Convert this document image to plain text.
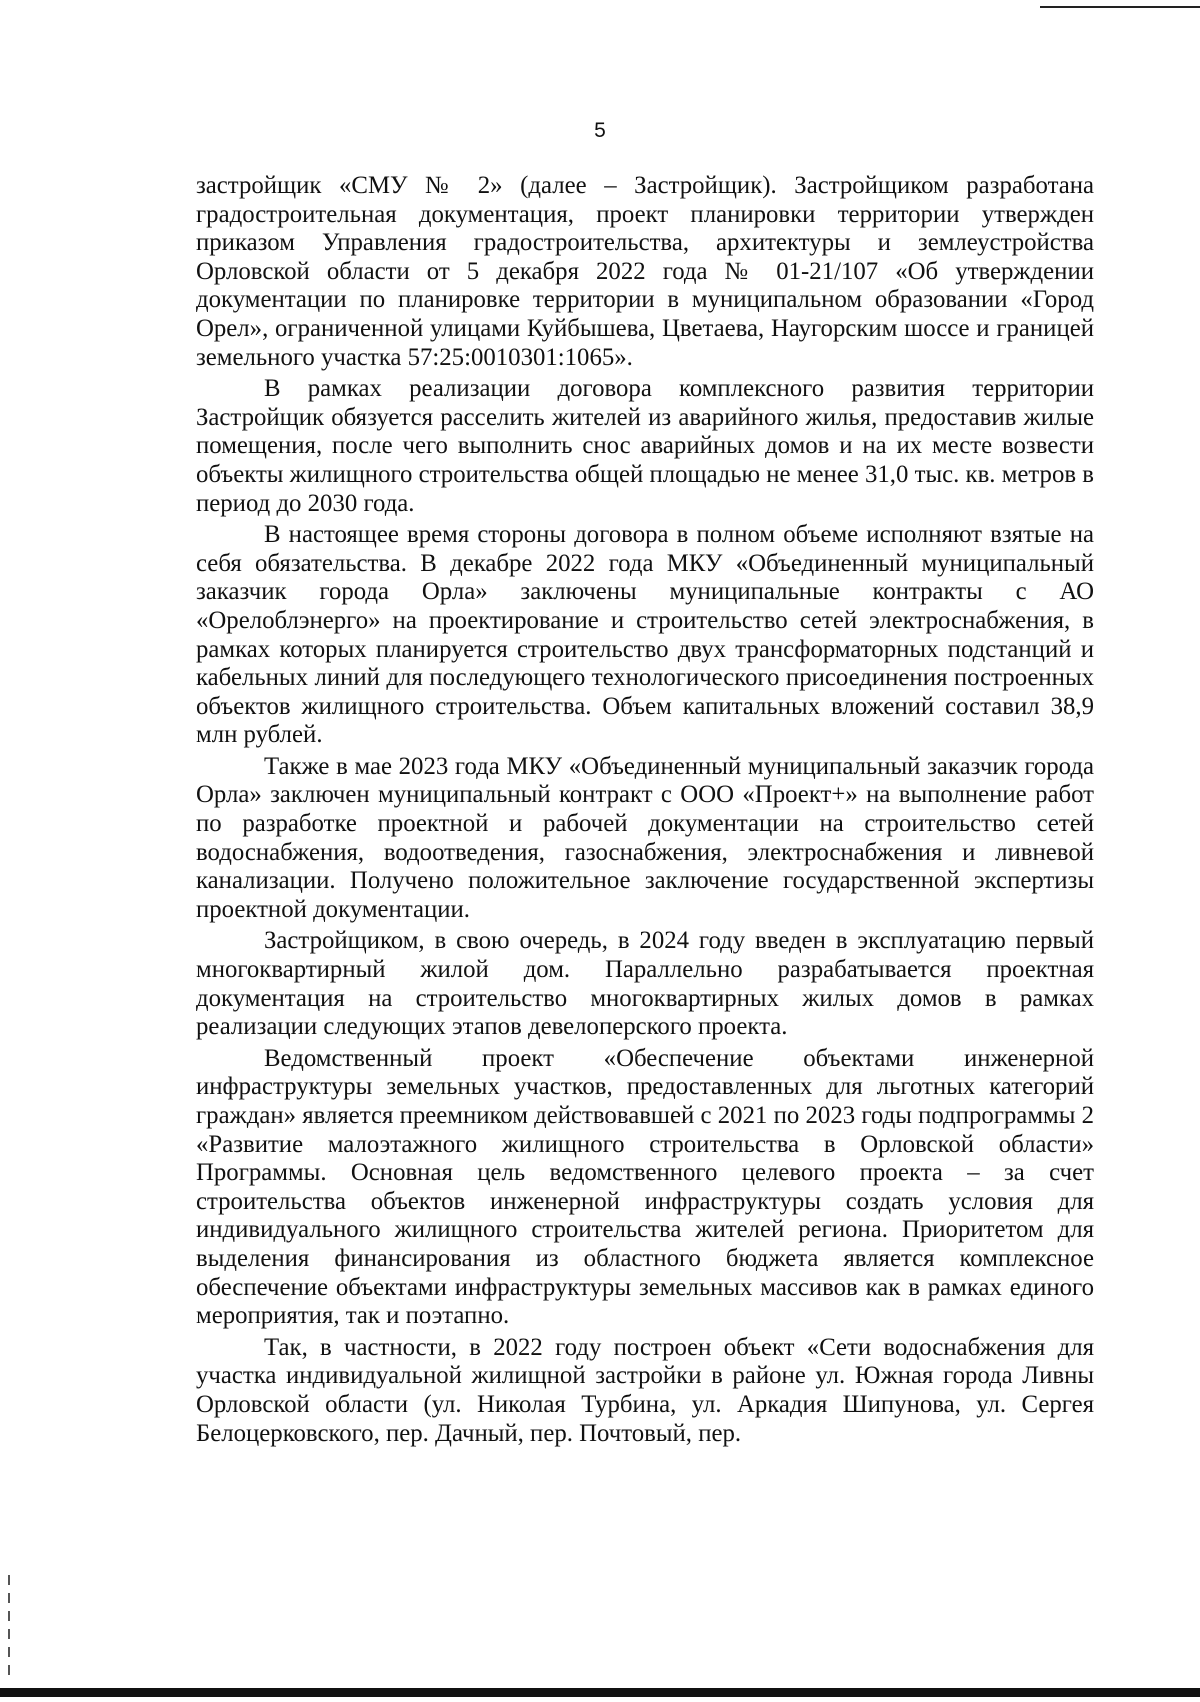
5

застройщик «СМУ № 2» (далее – Застройщик). Застройщиком разработана градостроительная документация, проект планировки территории утвержден приказом Управления градостроительства, архитектуры и землеустройства Орловской области от 5 декабря 2022 года № 01-21/107 «Об утверждении документации по планировке территории в муниципальном образовании «Город Орел», ограниченной улицами Куйбышева, Цветаева, Наугорским шоссе и границей земельного участка 57:25:0010301:1065».

В рамках реализации договора комплексного развития территории Застройщик обязуется расселить жителей из аварийного жилья, предоставив жилые помещения, после чего выполнить снос аварийных домов и на их месте возвести объекты жилищного строительства общей площадью не менее 31,0 тыс. кв. метров в период до 2030 года.

В настоящее время стороны договора в полном объеме исполняют взятые на себя обязательства. В декабре 2022 года МКУ «Объединенный муниципальный заказчик города Орла» заключены муниципальные контракты с АО «Орелоблэнерго» на проектирование и строительство сетей электроснабжения, в рамках которых планируется строительство двух трансформаторных подстанций и кабельных линий для последующего технологического присоединения построенных объектов жилищного строительства. Объем капитальных вложений составил 38,9 млн рублей.

Также в мае 2023 года МКУ «Объединенный муниципальный заказчик города Орла» заключен муниципальный контракт с ООО «Проект+» на выполнение работ по разработке проектной и рабочей документации на строительство сетей водоснабжения, водоотведения, газоснабжения, электроснабжения и ливневой канализации. Получено положительное заключение государственной экспертизы проектной документации.

Застройщиком, в свою очередь, в 2024 году введен в эксплуатацию первый многоквартирный жилой дом. Параллельно разрабатывается проектная документация на строительство многоквартирных жилых домов в рамках реализации следующих этапов девелоперского проекта.

Ведомственный проект «Обеспечение объектами инженерной инфраструктуры земельных участков, предоставленных для льготных категорий граждан» является преемником действовавшей с 2021 по 2023 годы подпрограммы 2 «Развитие малоэтажного жилищного строительства в Орловской области» Программы. Основная цель ведомственного целевого проекта – за счет строительства объектов инженерной инфраструктуры создать условия для индивидуального жилищного строительства жителей региона. Приоритетом для выделения финансирования из областного бюджета является комплексное обеспечение объектами инфраструктуры земельных массивов как в рамках единого мероприятия, так и поэтапно.

Так, в частности, в 2022 году построен объект «Сети водоснабжения для участка индивидуальной жилищной застройки в районе ул. Южная города Ливны Орловской области (ул. Николая Турбина, ул. Аркадия Шипунова, ул. Сергея Белоцерковского, пер. Дачный, пер. Почтовый, пер.
